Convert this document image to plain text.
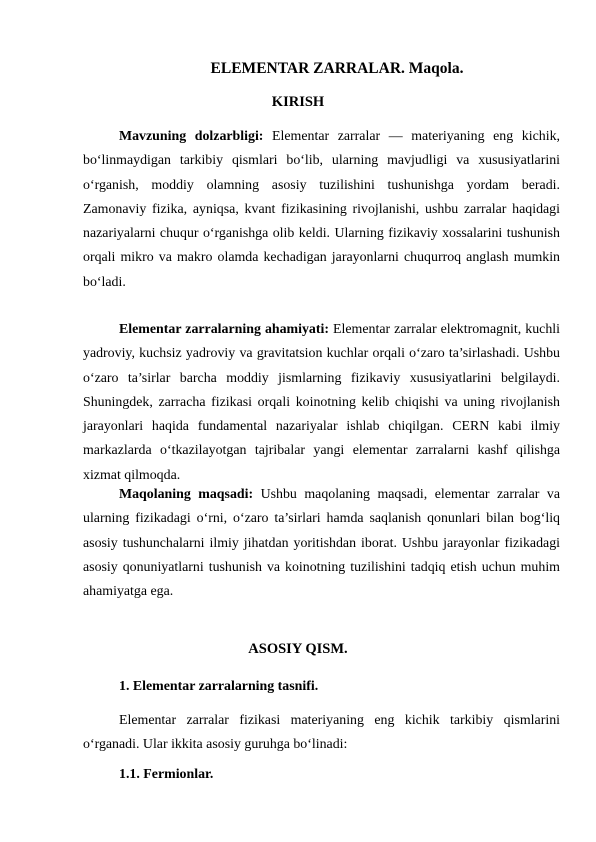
ELEMENTAR ZARRALAR. Maqola.
KIRISH

Mavzuning dolzarbligi: Elementar zarralar — materiyaning eng kichik, bo‘linmaydigan tarkibiy qismlari bo‘lib, ularning mavjudligi va xususiyatlarini o‘rganish, moddiy olamning asosiy tuzilishini tushunishga yordam beradi. Zamonaviy fizika, ayniqsa, kvant fizikasining rivojlanishi, ushbu zarralar haqidagi nazariyalarni chuqur o‘rganishga olib keldi. Ularning fizikaviy xossalarini tushunish orqali mikro va makro olamda kechadigan jarayonlarni chuqurroq anglash mumkin bo‘ladi.

Elementar zarralarning ahamiyati: Elementar zarralar elektromagnit, kuchli yadroviy, kuchsiz yadroviy va gravitatsion kuchlar orqali o‘zaro ta’sirlashadi. Ushbu o‘zaro ta’sirlar barcha moddiy jismlarning fizikaviy xususiyatlarini belgilaydi. Shuningdek, zarracha fizikasi orqali koinotning kelib chiqishi va uning rivojlanish jarayonlari haqida fundamental nazariyalar ishlab chiqilgan. CERN kabi ilmiy markazlarda o‘tkazilayotgan tajribalar yangi elementar zarralarni kashf qilishga xizmat qilmoqda.

Maqolaning maqsadi: Ushbu maqolaning maqsadi, elementar zarralar va ularning fizikadagi o‘rni, o‘zaro ta’sirlari hamda saqlanish qonunlari bilan bog‘liq asosiy tushunchalarni ilmiy jihatdan yoritishdan iborat. Ushbu jarayonlar fizikadagi asosiy qonuniyatlarni tushunish va koinotning tuzilishini tadqiq etish uchun muhim ahamiyatga ega.

ASOSIY QISM.
1. Elementar zarralarning tasnifi.

Elementar zarralar fizikasi materiyaning eng kichik tarkibiy qismlarini o‘rganadi. Ular ikkita asosiy guruhga bo‘linadi:

1.1. Fermionlar.
